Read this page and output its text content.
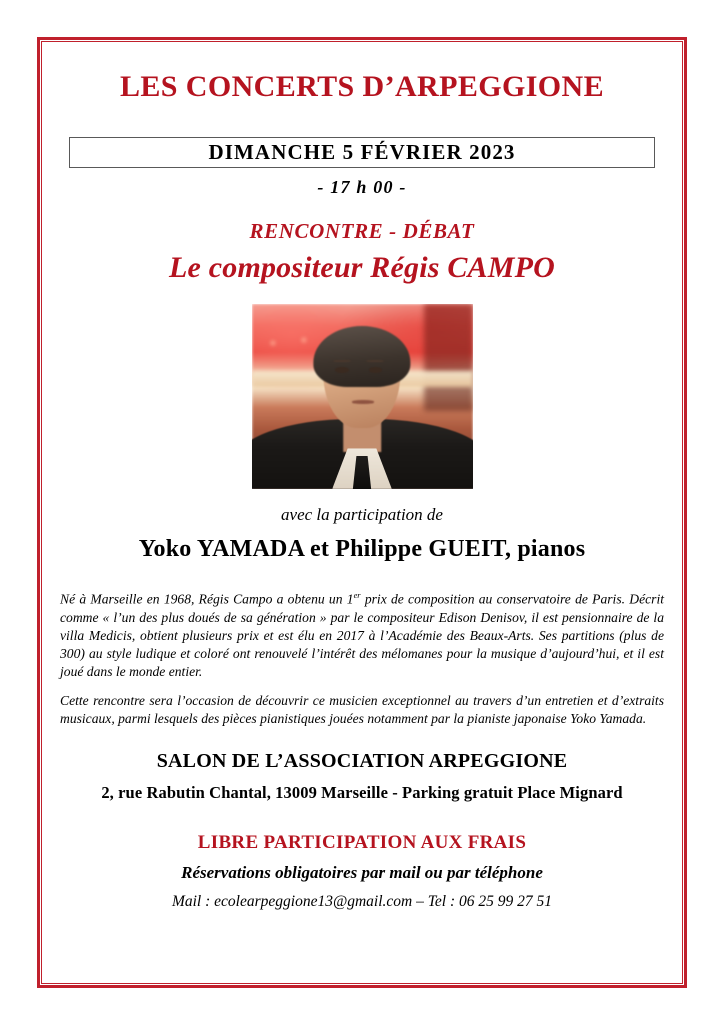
LES CONCERTS D’ARPEGGIONE
DIMANCHE 5 FÉVRIER 2023
- 17 h 00 -
RENCONTRE - DÉBAT
Le compositeur Régis CAMPO
avec la participation de
Yoko YAMADA et Philippe GUEIT, pianos

Né à Marseille en 1968, Régis Campo a obtenu un 1er prix de composition au conservatoire de Paris. Décrit comme « l’un des plus doués de sa génération » par le compositeur Edison Denisov, il est pensionnaire de la villa Medicis, obtient plusieurs prix et est élu en 2017 à l’Académie des Beaux-Arts. Ses partitions (plus de 300) au style ludique et coloré ont renouvelé l’intérêt des mélomanes pour la musique d’aujourd’hui, et il est joué dans le monde entier.

Cette rencontre sera l’occasion de découvrir ce musicien exceptionnel au travers d’un entretien et d’extraits musicaux, parmi lesquels des pièces pianistiques jouées notamment par la pianiste japonaise Yoko Yamada.

SALON DE L’ASSOCIATION ARPEGGIONE
2, rue Rabutin Chantal, 13009 Marseille - Parking gratuit Place Mignard
LIBRE PARTICIPATION AUX FRAIS
Réservations obligatoires par mail ou par téléphone
Mail : ecolearpeggione13@gmail.com – Tel : 06 25 99 27 51
